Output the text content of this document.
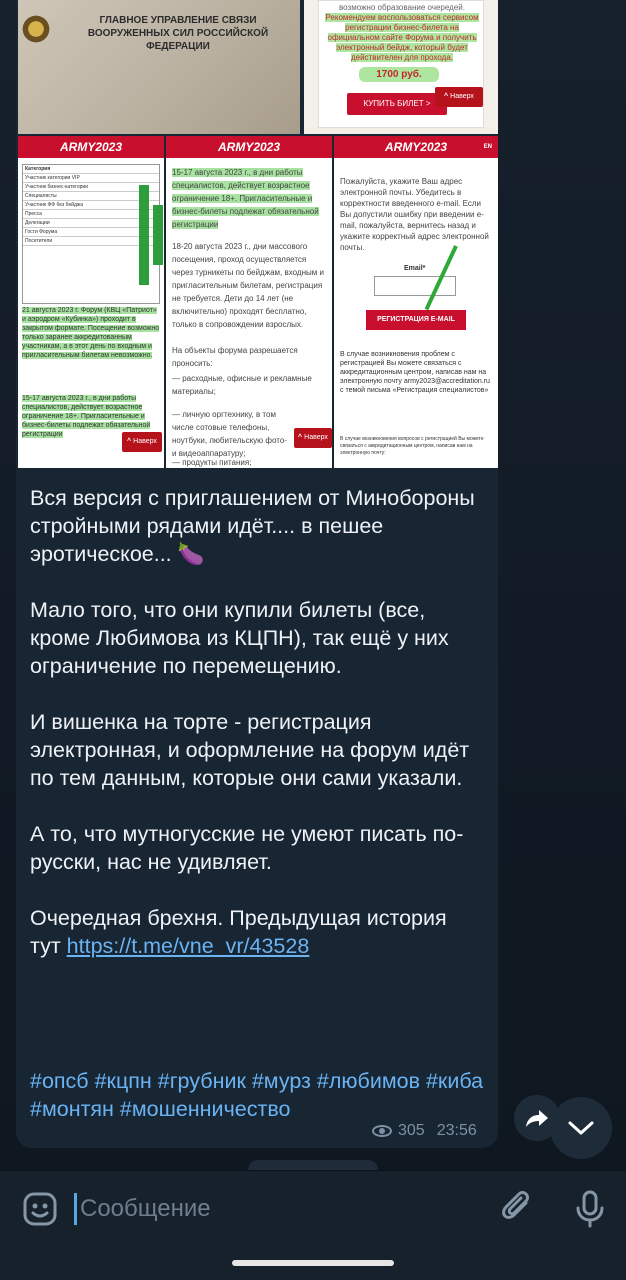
ГЛАВНОЕ УПРАВЛЕНИЕ СВЯЗИ ВООРУЖЕННЫХ СИЛ РОССИЙСКОЙ ФЕДЕРАЦИИ
возможно образование очередей.
Рекомендуем воспользоваться сервисом регистрации бизнес-билета на официальном сайте Форума и получить электронный бейдж, который будет действителен для прохода.
1700 руб.
КУПИТЬ БИЛЕТ >
^ Наверх
ARMY2023
Категория
Участник категории VIP
Участник бизнес-категории
Специалисты
Участник ФФ без бейджа
Пресса
Делегации
Гости Форума
Посетители
21 августа 2023 г. Форум (КВЦ «Патриот» и аэродром «Кубинка») проходит в закрытом формате. Посещение возможно только заранее аккредитованным участникам, а в этот день по входным и пригласительным билетам невозможно.
15-17 августа 2023 г., в дни работы специалистов, действует возрастное ограничение 18+. Пригласительные и бизнес-билеты подлежат обязательной регистрации
^ Наверх
ARMY2023
15-17 августа 2023 г., в дни работы специалистов, действует возрастное ограничение 18+. Пригласительные и бизнес-билеты подлежат обязательной регистрации
18-20 августа 2023 г., дни массового посещения, проход осуществляется через турникеты по бейджам, входным и пригласительным билетам, регистрация не требуется. Дети до 14 лет (не включительно) проходят бесплатно, только в сопровождении взрослых.
На объекты форума разрешается проносить:
— расходные, офисные и рекламные материалы;
— личную оргтехнику, в том числе сотовые телефоны, ноутбуки, любительскую фото- и видеоаппаратуру;
— продукты питания;
^ Наверх
ARMY2023	EN
Пожалуйста, укажите Ваш адрес электронной почты. Убедитесь в корректности введенного e-mail. Если Вы допустили ошибку при введении e-mail, пожалуйста, вернитесь назад и укажите корректный адрес электронной почты.
Email*
РЕГИСТРАЦИЯ E-MAIL
В случае возникновения проблем с регистрацией Вы можете связаться с аккредитационным центром, написав нам на электронную почту army2023@accreditation.ru с темой письма «Регистрация специалистов»
В случае возникновения вопросов с регистрацией Вы можете связаться с аккредитационным центром, написав нам на электронную почту:

Вся версия с приглашением от Минобороны стройными рядами идёт.... в пешее эротическое... 🍆

Мало того, что они купили билеты (все, кроме Любимова из КЦПН), так ещё у них ограничение по перемещению.

И вишенка на торте - регистрация электронная, и оформление на форум идёт по тем данным, которые они сами указали.

А то, что мутногусские не умеют писать по-русски, нас не удивляет.

Очередная брехня. Предыдущая история тут https://t.me/vne_vr/43528

#опсб #кцпн #грубник #мурз #любимов #киба #монтян #мошенничество
305 23:56
Сообщение
